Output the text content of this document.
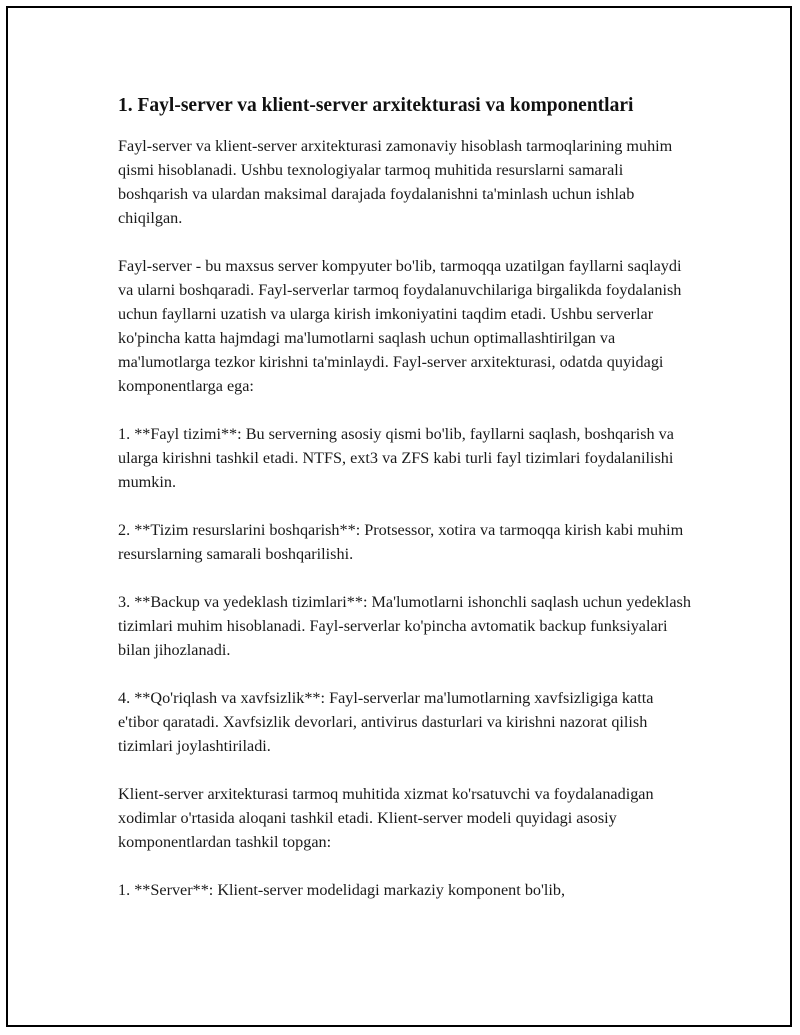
1. Fayl-server va klient-server arxitekturasi va komponentlari

Fayl-server va klient-server arxitekturasi zamonaviy hisoblash tarmoqlarining muhim qismi hisoblanadi. Ushbu texnologiyalar tarmoq muhitida resurslarni samarali boshqarish va ulardan maksimal darajada foydalanishni ta'minlash uchun ishlab chiqilgan.

Fayl-server - bu maxsus server kompyuter bo'lib, tarmoqqa uzatilgan fayllarni saqlaydi va ularni boshqaradi. Fayl-serverlar tarmoq foydalanuvchilariga birgalikda foydalanish uchun fayllarni uzatish va ularga kirish imkoniyatini taqdim etadi. Ushbu serverlar ko'pincha katta hajmdagi ma'lumotlarni saqlash uchun optimallashtirilgan va ma'lumotlarga tezkor kirishni ta'minlaydi. Fayl-server arxitekturasi, odatda quyidagi komponentlarga ega:

1. **Fayl tizimi**: Bu serverning asosiy qismi bo'lib, fayllarni saqlash, boshqarish va ularga kirishni tashkil etadi. NTFS, ext3 va ZFS kabi turli fayl tizimlari foydalanilishi mumkin.

2. **Tizim resurslarini boshqarish**: Protsessor, xotira va tarmoqqa kirish kabi muhim resurslarning samarali boshqarilishi.

3. **Backup va yedeklash tizimlari**: Ma'lumotlarni ishonchli saqlash uchun yedeklash tizimlari muhim hisoblanadi. Fayl-serverlar ko'pincha avtomatik backup funksiyalari bilan jihozlanadi.

4. **Qo'riqlash va xavfsizlik**: Fayl-serverlar ma'lumotlarning xavfsizligiga katta e'tibor qaratadi. Xavfsizlik devorlari, antivirus dasturlari va kirishni nazorat qilish tizimlari joylashtiriladi.

Klient-server arxitekturasi tarmoq muhitida xizmat ko'rsatuvchi va foydalanadigan xodimlar o'rtasida aloqani tashkil etadi. Klient-server modeli quyidagi asosiy komponentlardan tashkil topgan:

1. **Server**: Klient-server modelidagi markaziy komponent bo'lib,
